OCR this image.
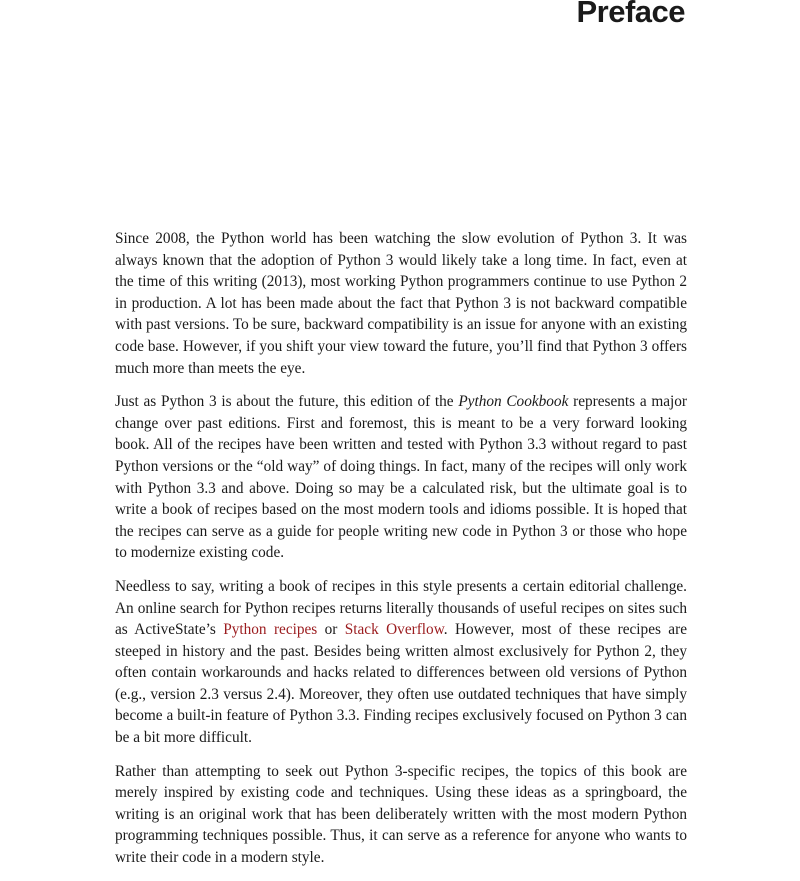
Preface

Since 2008, the Python world has been watching the slow evolution of Python 3. It was always known that the adoption of Python 3 would likely take a long time. In fact, even at the time of this writing (2013), most working Python programmers continue to use Python 2 in production. A lot has been made about the fact that Python 3 is not backward compatible with past versions. To be sure, backward compatibility is an issue for anyone with an existing code base. However, if you shift your view toward the future, you’ll find that Python 3 offers much more than meets the eye.

Just as Python 3 is about the future, this edition of the Python Cookbook represents a major change over past editions. First and foremost, this is meant to be a very forward looking book. All of the recipes have been written and tested with Python 3.3 without regard to past Python versions or the “old way” of doing things. In fact, many of the recipes will only work with Python 3.3 and above. Doing so may be a calculated risk, but the ultimate goal is to write a book of recipes based on the most modern tools and idioms possible. It is hoped that the recipes can serve as a guide for people writing new code in Python 3 or those who hope to modernize existing code.

Needless to say, writing a book of recipes in this style presents a certain editorial challenge. An online search for Python recipes returns literally thousands of useful recipes on sites such as ActiveState’s Python recipes or Stack Overflow. However, most of these recipes are steeped in history and the past. Besides being written almost exclusively for Python 2, they often contain workarounds and hacks related to differences between old versions of Python (e.g., version 2.3 versus 2.4). Moreover, they often use outdated techniques that have simply become a built-in feature of Python 3.3. Finding recipes exclusively focused on Python 3 can be a bit more difficult.

Rather than attempting to seek out Python 3-specific recipes, the topics of this book are merely inspired by existing code and techniques. Using these ideas as a springboard, the writing is an original work that has been deliberately written with the most modern Python programming techniques possible. Thus, it can serve as a reference for anyone who wants to write their code in a modern style.
